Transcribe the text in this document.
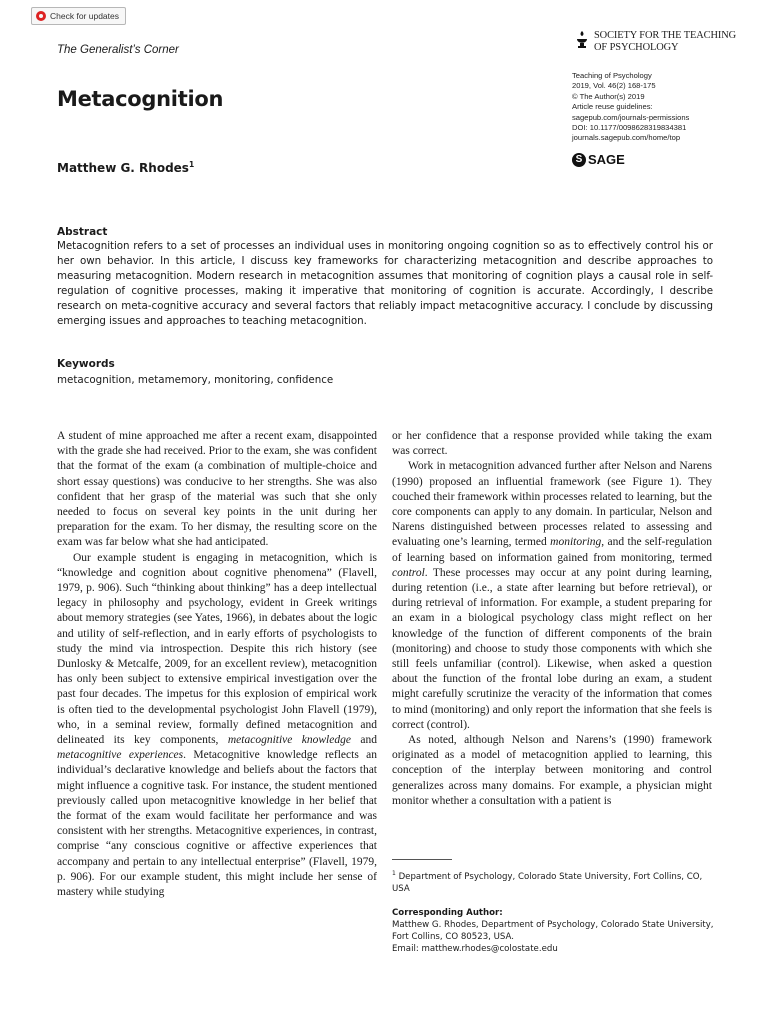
Check for updates
The Generalist’s Corner
SOCIETY FOR THE TEACHING
OF PSYCHOLOGY
Teaching of Psychology
2019, Vol. 46(2) 168-175
© The Author(s) 2019
Article reuse guidelines:
sagepub.com/journals-permissions
DOI: 10.1177/0098628319834381
journals.sagepub.com/home/top
S SAGE
Metacognition
Matthew G. Rhodes$^1$
Abstract
Metacognition refers to a set of processes an individual uses in monitoring ongoing cognition so as to effectively control his or her own behavior. In this article, I discuss key frameworks for characterizing metacognition and describe approaches to measuring metacognition. Modern research in metacognition assumes that monitoring of cognition plays a causal role in self-regulation of cognitive processes, making it imperative that monitoring of cognition is accurate. Accordingly, I describe research on meta-cognitive accuracy and several factors that reliably impact metacognitive accuracy. I conclude by discussing emerging issues and approaches to teaching metacognition.
Keywords
metacognition, metamemory, monitoring, confidence

A student of mine approached me after a recent exam, disappointed with the grade she had received. Prior to the exam, she was confident that the format of the exam (a combination of multiple-choice and short essay questions) was conducive to her strengths. She was also confident that her grasp of the material was such that she only needed to focus on several key points in the unit during her preparation for the exam. To her dismay, the resulting score on the exam was far below what she had anticipated.

Our example student is engaging in metacognition, which is “knowledge and cognition about cognitive phenomena” (Flavell, 1979, p. 906). Such “thinking about thinking” has a deep intellectual legacy in philosophy and psychology, evident in Greek writings about memory strategies (see Yates, 1966), in debates about the logic and utility of self-reflection, and in early efforts of psychologists to study the mind via introspection. Despite this rich history (see Dunlosky & Metcalfe, 2009, for an excellent review), metacognition has only been subject to extensive empirical investigation over the past four decades. The impetus for this explosion of empirical work is often tied to the developmental psychologist John Flavell (1979), who, in a seminal review, formally defined metacognition and delineated its key components, metacognitive knowledge and metacognitive experiences. Metacognitive knowledge reflects an individual’s declarative knowledge and beliefs about the factors that might influence a cognitive task. For instance, the student mentioned previously called upon metacognitive knowledge in her belief that the format of the exam would facilitate her performance and was consistent with her strengths. Metacognitive experiences, in contrast, comprise “any conscious cognitive or affective experiences that accompany and pertain to any intellectual enterprise” (Flavell, 1979, p. 906). For our example student, this might include her sense of mastery while studying

or her confidence that a response provided while taking the exam was correct.

Work in metacognition advanced further after Nelson and Narens (1990) proposed an influential framework (see Figure 1). They couched their framework within processes related to learning, but the core components can apply to any domain. In particular, Nelson and Narens distinguished between processes related to assessing and evaluating one’s learning, termed monitoring, and the self-regulation of learning based on information gained from monitoring, termed control. These processes may occur at any point during learning, during retention (i.e., a state after learning but before retrieval), or during retrieval of information. For example, a student preparing for an exam in a biological psychology class might reflect on her knowledge of the function of different components of the brain (monitoring) and choose to study those components with which she still feels unfamiliar (control). Likewise, when asked a question about the function of the frontal lobe during an exam, a student might carefully scrutinize the veracity of the information that comes to mind (monitoring) and only report the information that she feels is correct (control).

As noted, although Nelson and Narens’s (1990) framework originated as a model of metacognition applied to learning, this conception of the interplay between monitoring and control generalizes across many domains. For example, a physician might monitor whether a consultation with a patient is

$^1$ Department of Psychology, Colorado State University, Fort Collins, CO, USA
Corresponding Author:
Matthew G. Rhodes, Department of Psychology, Colorado State University,
Fort Collins, CO 80523, USA.
Email: matthew.rhodes@colostate.edu
